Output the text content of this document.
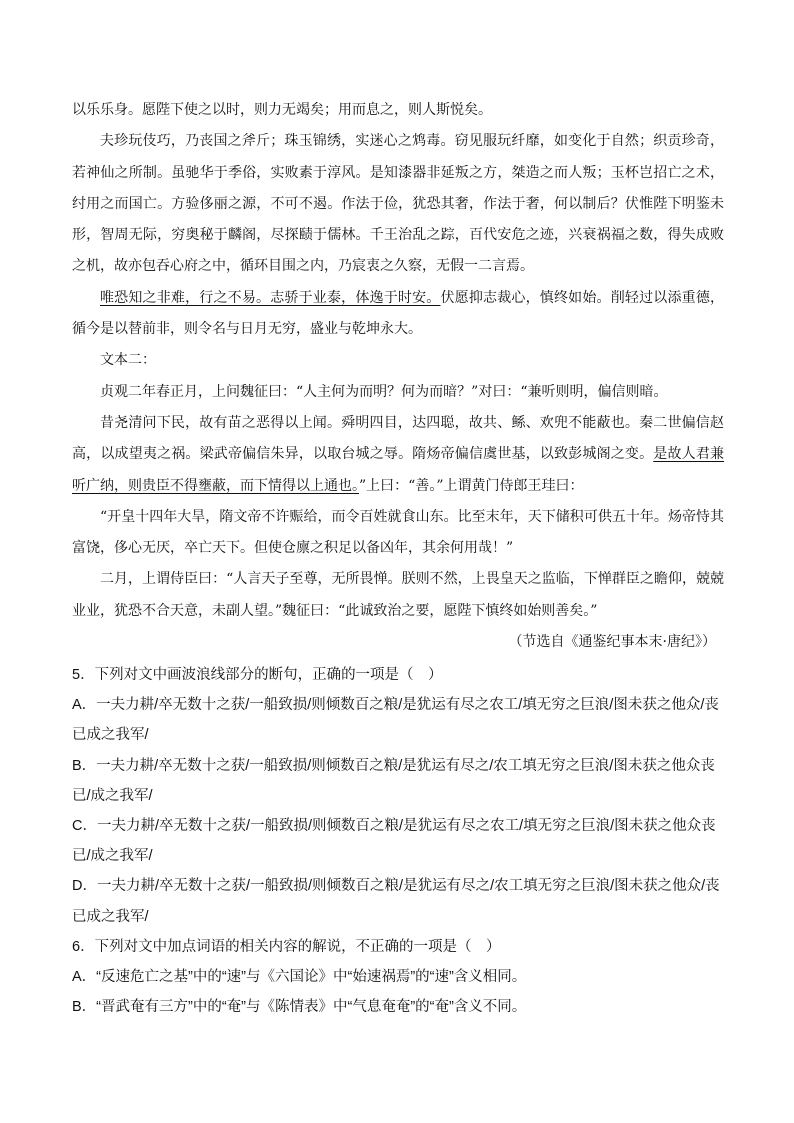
以乐乐身。愿陛下使之以时，则力无竭矣；用而息之，则人斯悦矣。

夫珍玩伎巧，乃丧国之斧斤；珠玉锦绣，实迷心之鸩毒。窃见服玩纤靡，如变化于自然；织贡珍奇，若神仙之所制。虽驰华于季俗，实败素于淳风。是知漆器非延叛之方，桀造之而人叛；玉杯岂招亡之术，纣用之而国亡。方验侈丽之源，不可不遏。作法于俭，犹恐其奢，作法于奢，何以制后？伏惟陛下明鉴未形，智周无际，穷奥秘于麟阁，尽探赜于儒林。千王治乱之踪，百代安危之迹，兴衰祸福之数，得失成败之机，故亦包吞心府之中，循环目围之内，乃宸衷之久察，无假一二言焉。

唯恐知之非难，行之不易。志骄于业泰，体逸于时安。伏愿抑志裁心，慎终如始。削轻过以添重德，循今是以替前非，则令名与日月无穷，盛业与乾坤永大。

文本二：

贞观二年春正月，上问魏征曰：“人主何为而明？何为而暗？”对曰：“兼听则明，偏信则暗。

昔尧清问下民，故有苗之恶得以上闻。舜明四目，达四聪，故共、鲧、欢兜不能蔽也。秦二世偏信赵高，以成望夷之祸。梁武帝偏信朱异，以取台城之辱。隋炀帝偏信虞世基，以致彭城阁之变。是故人君兼听广纳，则贵臣不得壅蔽，而下情得以上通也。”上曰：“善。”上谓黄门侍郎王珪曰：

“开皇十四年大旱，隋文帝不许赈给，而令百姓就食山东。比至末年，天下储积可供五十年。炀帝恃其富饶，侈心无厌，卒亡天下。但使仓廪之积足以备凶年，其余何用哉！”

二月，上谓侍臣曰：“人言天子至尊，无所畏惮。朕则不然，上畏皇天之监临，下惮群臣之瞻仰，兢兢业业，犹恐不合天意，未副人望。”魏征曰：“此诚致治之要，愿陛下慎终如始则善矣。”

（节选自《通鉴纪事本末·唐纪》）

5．下列对文中画波浪线部分的断句，正确的一项是（　）

A．一夫力耕/卒无数十之获/一船致损/则倾数百之粮/是犹运有尽之农工/填无穷之巨浪/图未获之他众/丧已成之我军/

B．一夫力耕/卒无数十之获/一船致损/则倾数百之粮/是犹运有尽之/农工填无穷之巨浪/图未获之他众丧已/成之我军/

C．一夫力耕/卒无数十之获/一船致损/则倾数百之粮/是犹运有尽之农工/填无穷之巨浪/图未获之他众丧已/成之我军/

D．一夫力耕/卒无数十之获/一船致损/则倾数百之粮/是犹运有尽之/农工填无穷之巨浪/图未获之他众/丧已成之我军/

6．下列对文中加点词语的相关内容的解说，不正确的一项是（　）

A．“反速危亡之基”中的“速”与《六国论》中“始速祸焉”的“速”含义相同。

B．“晋武奄有三方”中的“奄”与《陈情表》中“气息奄奄”的“奄”含义不同。
